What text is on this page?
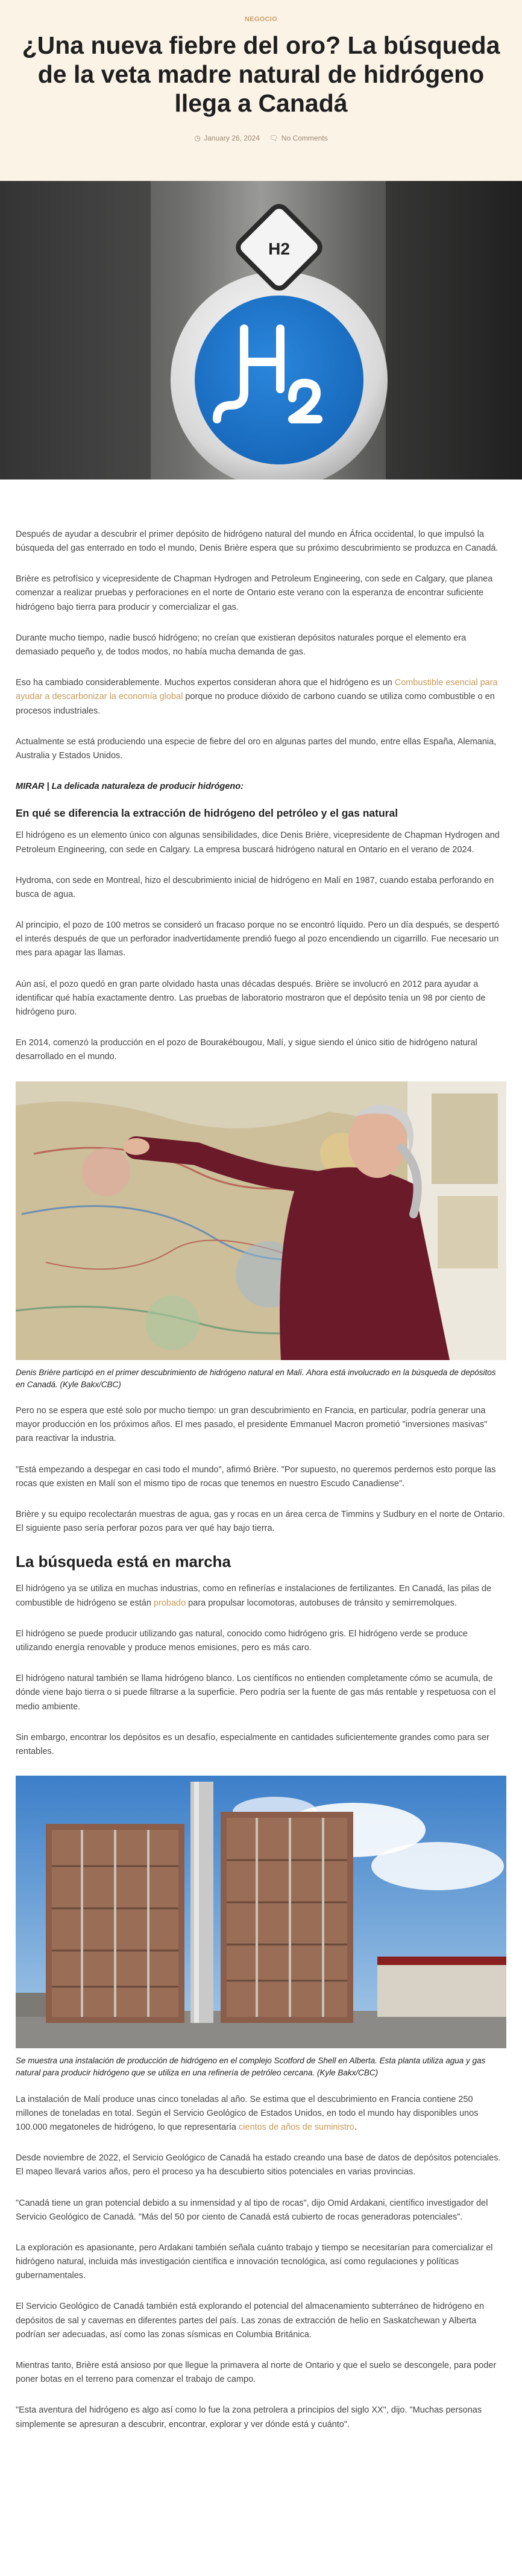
NEGOCIO
¿Una nueva fiebre del oro? La búsqueda de la veta madre natural de hidrógeno llega a Canadá
◷ January 26, 2024 🗨 No Comments
H2
H2

Después de ayudar a descubrir el primer depósito de hidrógeno natural del mundo en África occidental, lo que impulsó la búsqueda del gas enterrado en todo el mundo, Denis Brière espera que su próximo descubrimiento se produzca en Canadá.

Brière es petrofísico y vicepresidente de Chapman Hydrogen and Petroleum Engineering, con sede en Calgary, que planea comenzar a realizar pruebas y perforaciones en el norte de Ontario este verano con la esperanza de encontrar suficiente hidrógeno bajo tierra para producir y comercializar el gas.

Durante mucho tiempo, nadie buscó hidrógeno; no creían que existieran depósitos naturales porque el elemento era demasiado pequeño y, de todos modos, no había mucha demanda de gas.

Eso ha cambiado considerablemente. Muchos expertos consideran ahora que el hidrógeno es un Combustible esencial para ayudar a descarbonizar la economía global porque no produce dióxido de carbono cuando se utiliza como combustible o en procesos industriales.

Actualmente se está produciendo una especie de fiebre del oro en algunas partes del mundo, entre ellas España, Alemania, Australia y Estados Unidos.

MIRAR | La delicada naturaleza de producir hidrógeno:

En qué se diferencia la extracción de hidrógeno del petróleo y el gas natural

El hidrógeno es un elemento único con algunas sensibilidades, dice Denis Brière, vicepresidente de Chapman Hydrogen and Petroleum Engineering, con sede en Calgary. La empresa buscará hidrógeno natural en Ontario en el verano de 2024.

Hydroma, con sede en Montreal, hizo el descubrimiento inicial de hidrógeno en Malí en 1987, cuando estaba perforando en busca de agua.

Al principio, el pozo de 100 metros se consideró un fracaso porque no se encontró líquido. Pero un día después, se despertó el interés después de que un perforador inadvertidamente prendió fuego al pozo encendiendo un cigarrillo. Fue necesario un mes para apagar las llamas.

Aún así, el pozo quedó en gran parte olvidado hasta unas décadas después. Brière se involucró en 2012 para ayudar a identificar qué había exactamente dentro. Las pruebas de laboratorio mostraron que el depósito tenía un 98 por ciento de hidrógeno puro.

En 2014, comenzó la producción en el pozo de Bourakébougou, Malí, y sigue siendo el único sitio de hidrógeno natural desarrollado en el mundo.

Denis Brière participó en el primer descubrimiento de hidrógeno natural en Malí. Ahora está involucrado en la búsqueda de depósitos en Canadá. (Kyle Bakx/CBC)

Pero no se espera que esté solo por mucho tiempo: un gran descubrimiento en Francia, en particular, podría generar una mayor producción en los próximos años. El mes pasado, el presidente Emmanuel Macron prometió "inversiones masivas" para reactivar la industria.

"Está empezando a despegar en casi todo el mundo", afirmó Brière. "Por supuesto, no queremos perdernos esto porque las rocas que existen en Malí son el mismo tipo de rocas que tenemos en nuestro Escudo Canadiense".

Brière y su equipo recolectarán muestras de agua, gas y rocas en un área cerca de Timmins y Sudbury en el norte de Ontario. El siguiente paso sería perforar pozos para ver qué hay bajo tierra.

La búsqueda está en marcha

El hidrógeno ya se utiliza en muchas industrias, como en refinerías e instalaciones de fertilizantes. En Canadá, las pilas de combustible de hidrógeno se están probado para propulsar locomotoras, autobuses de tránsito y semirremolques.

El hidrógeno se puede producir utilizando gas natural, conocido como hidrógeno gris. El hidrógeno verde se produce utilizando energía renovable y produce menos emisiones, pero es más caro.

El hidrógeno natural también se llama hidrógeno blanco. Los científicos no entienden completamente cómo se acumula, de dónde viene bajo tierra o si puede filtrarse a la superficie. Pero podría ser la fuente de gas más rentable y respetuosa con el medio ambiente.

Sin embargo, encontrar los depósitos es un desafío, especialmente en cantidades suficientemente grandes como para ser rentables.

Se muestra una instalación de producción de hidrógeno en el complejo Scotford de Shell en Alberta. Esta planta utiliza agua y gas natural para producir hidrógeno que se utiliza en una refinería de petróleo cercana. (Kyle Bakx/CBC)

La instalación de Malí produce unas cinco toneladas al año. Se estima que el descubrimiento en Francia contiene 250 millones de toneladas en total. Según el Servicio Geológico de Estados Unidos, en todo el mundo hay disponibles unos 100.000 megatoneles de hidrógeno, lo que representaría cientos de años de suministro.

Desde noviembre de 2022, el Servicio Geológico de Canadá ha estado creando una base de datos de depósitos potenciales. El mapeo llevará varios años, pero el proceso ya ha descubierto sitios potenciales en varias provincias.

"Canadá tiene un gran potencial debido a su inmensidad y al tipo de rocas", dijo Omid Ardakani, científico investigador del Servicio Geológico de Canadá. "Más del 50 por ciento de Canadá está cubierto de rocas generadoras potenciales".

La exploración es apasionante, pero Ardakani también señala cuánto trabajo y tiempo se necesitarían para comercializar el hidrógeno natural, incluida más investigación científica e innovación tecnológica, así como regulaciones y políticas gubernamentales.

El Servicio Geológico de Canadá también está explorando el potencial del almacenamiento subterráneo de hidrógeno en depósitos de sal y cavernas en diferentes partes del país. Las zonas de extracción de helio en Saskatchewan y Alberta podrían ser adecuadas, así como las zonas sísmicas en Columbia Británica.

Mientras tanto, Brière está ansioso por que llegue la primavera al norte de Ontario y que el suelo se descongele, para poder poner botas en el terreno para comenzar el trabajo de campo.

"Esta aventura del hidrógeno es algo así como lo fue la zona petrolera a principios del siglo XX", dijo. "Muchas personas simplemente se apresuran a descubrir, encontrar, explorar y ver dónde está y cuánto".
